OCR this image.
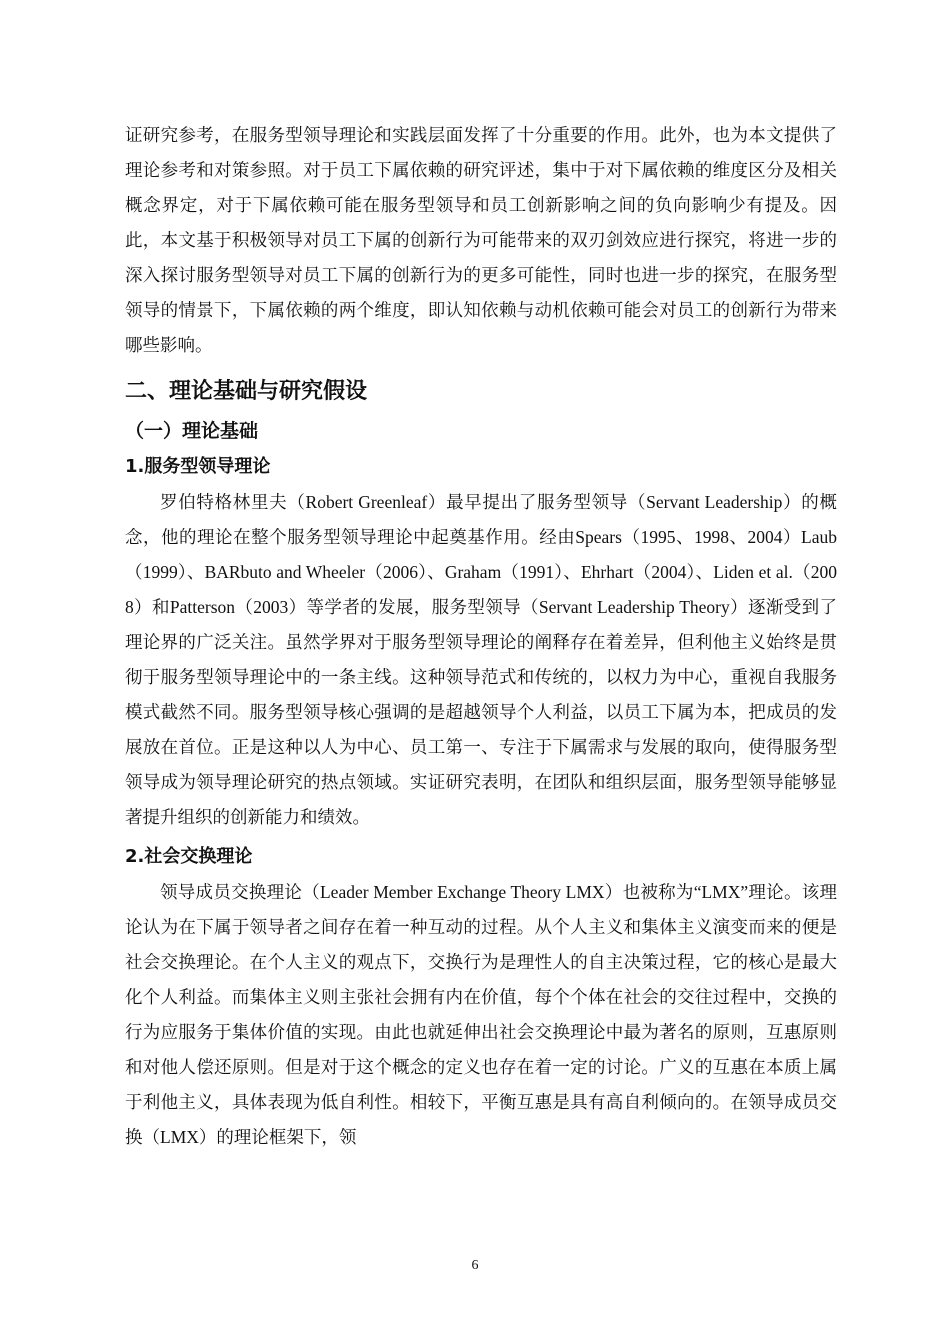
证研究参考，在服务型领导理论和实践层面发挥了十分重要的作用。此外，也为本文提供了理论参考和对策参照。对于员工下属依赖的研究评述，集中于对下属依赖的维度区分及相关概念界定，对于下属依赖可能在服务型领导和员工创新影响之间的负向影响少有提及。因此，本文基于积极领导对员工下属的创新行为可能带来的双刃剑效应进行探究，将进一步的深入探讨服务型领导对员工下属的创新行为的更多可能性，同时也进一步的探究，在服务型领导的情景下，下属依赖的两个维度，即认知依赖与动机依赖可能会对员工的创新行为带来哪些影响。

二、理论基础与研究假设
（一）理论基础
1.服务型领导理论

罗伯特格林里夫（Robert Greenleaf）最早提出了服务型领导（Servant Leadership）的概念，他的理论在整个服务型领导理论中起奠基作用。经由Spears（1995、1998、2004）Laub（1999）、BARbuto and Wheeler（2006）、Graham（1991）、Ehrhart（2004）、Liden et al.（2008）和Patterson（2003）等学者的发展，服务型领导（Servant Leadership Theory）逐渐受到了理论界的广泛关注。虽然学界对于服务型领导理论的阐释存在着差异，但利他主义始终是贯彻于服务型领导理论中的一条主线。这种领导范式和传统的，以权力为中心，重视自我服务模式截然不同。服务型领导核心强调的是超越领导个人利益，以员工下属为本，把成员的发展放在首位。正是这种以人为中心、员工第一、专注于下属需求与发展的取向，使得服务型领导成为领导理论研究的热点领域。实证研究表明，在团队和组织层面，服务型领导能够显著提升组织的创新能力和绩效。

2.社会交换理论

领导成员交换理论（Leader Member Exchange Theory LMX）也被称为“LMX”理论。该理论认为在下属于领导者之间存在着一种互动的过程。从个人主义和集体主义演变而来的便是社会交换理论。在个人主义的观点下，交换行为是理性人的自主决策过程，它的核心是最大化个人利益。而集体主义则主张社会拥有内在价值，每个个体在社会的交往过程中，交换的行为应服务于集体价值的实现。由此也就延伸出社会交换理论中最为著名的原则，互惠原则和对他人偿还原则。但是对于这个概念的定义也存在着一定的讨论。广义的互惠在本质上属于利他主义，具体表现为低自利性。相较下，平衡互惠是具有高自利倾向的。在领导成员交换（LMX）的理论框架下，领

6
